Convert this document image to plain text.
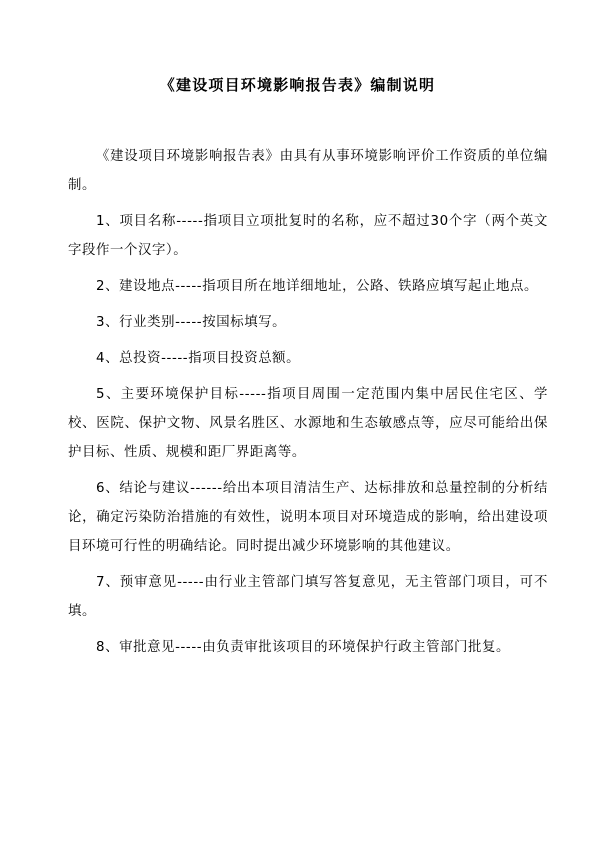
《建设项目环境影响报告表》编制说明

《建设项目环境影响报告表》由具有从事环境影响评价工作资质的单位编制。

1、项目名称-----指项目立项批复时的名称，应不超过30个字（两个英文字段作一个汉字）。

2、建设地点-----指项目所在地详细地址，公路、铁路应填写起止地点。

3、行业类别-----按国标填写。

4、总投资-----指项目投资总额。

5、主要环境保护目标-----指项目周围一定范围内集中居民住宅区、学校、医院、保护文物、风景名胜区、水源地和生态敏感点等，应尽可能给出保护目标、性质、规模和距厂界距离等。

6、结论与建议------给出本项目清洁生产、达标排放和总量控制的分析结论，确定污染防治措施的有效性，说明本项目对环境造成的影响，给出建设项目环境可行性的明确结论。同时提出减少环境影响的其他建议。

7、预审意见-----由行业主管部门填写答复意见，无主管部门项目，可不填。

8、审批意见-----由负责审批该项目的环境保护行政主管部门批复。
